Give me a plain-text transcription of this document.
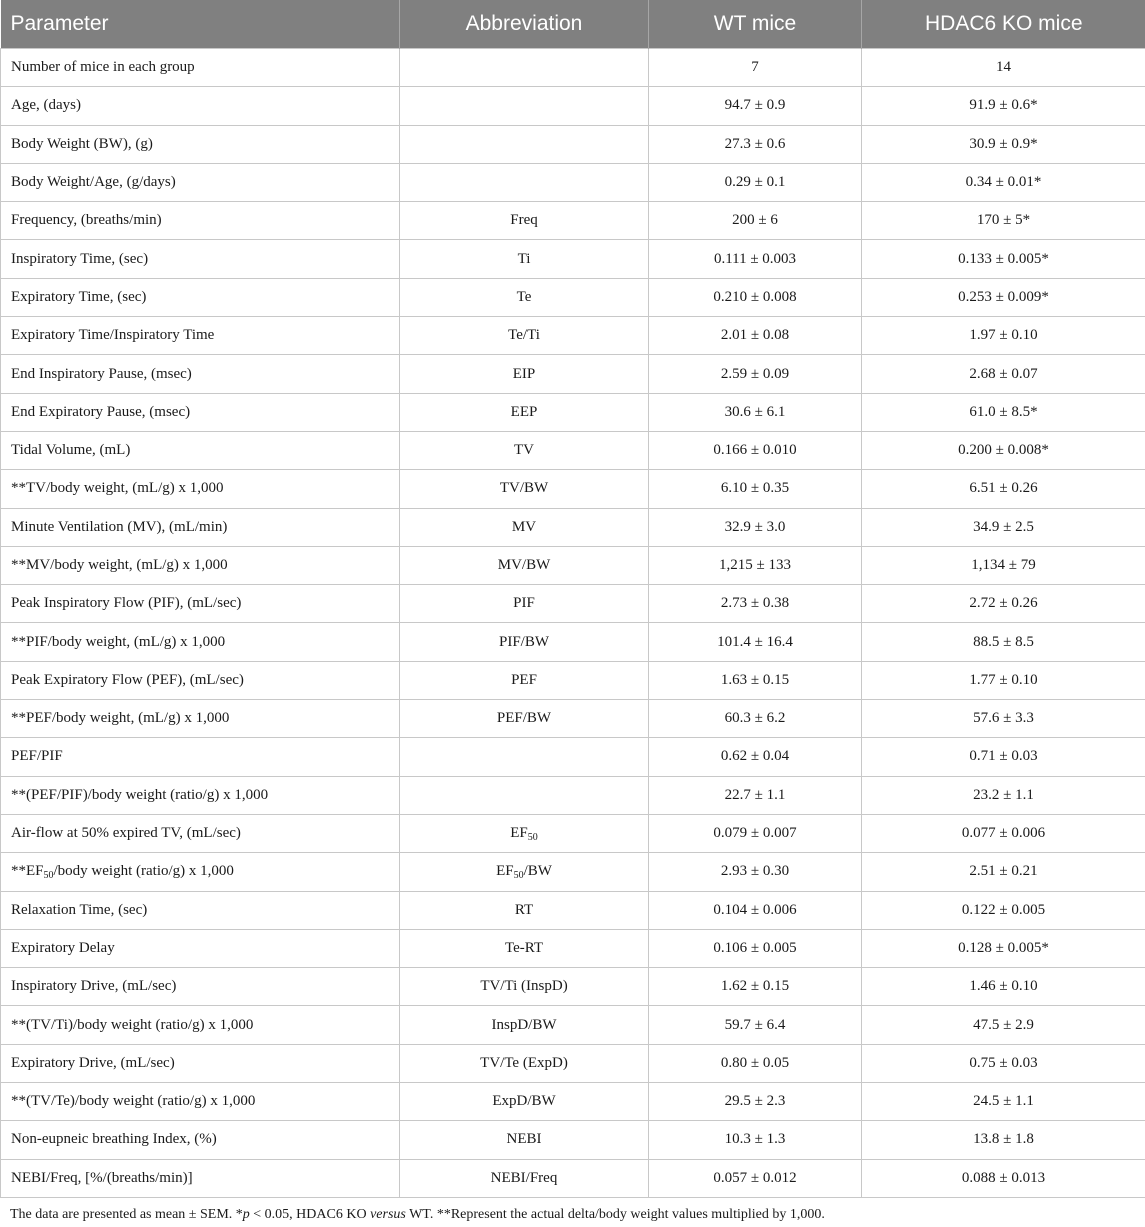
Parameter	Abbreviation	WT mice	HDAC6 KO mice
Number of mice in each group		7	14
Age, (days)		94.7 ± 0.9	91.9 ± 0.6*
Body Weight (BW), (g)		27.3 ± 0.6	30.9 ± 0.9*
Body Weight/Age, (g/days)		0.29 ± 0.1	0.34 ± 0.01*
Frequency, (breaths/min)	Freq	200 ± 6	170 ± 5*
Inspiratory Time, (sec)	Ti	0.111 ± 0.003	0.133 ± 0.005*
Expiratory Time, (sec)	Te	0.210 ± 0.008	0.253 ± 0.009*
Expiratory Time/Inspiratory Time	Te/Ti	2.01 ± 0.08	1.97 ± 0.10
End Inspiratory Pause, (msec)	EIP	2.59 ± 0.09	2.68 ± 0.07
End Expiratory Pause, (msec)	EEP	30.6 ± 6.1	61.0 ± 8.5*
Tidal Volume, (mL)	TV	0.166 ± 0.010	0.200 ± 0.008*
**TV/body weight, (mL/g) x 1,000	TV/BW	6.10 ± 0.35	6.51 ± 0.26
Minute Ventilation (MV), (mL/min)	MV	32.9 ± 3.0	34.9 ± 2.5
**MV/body weight, (mL/g) x 1,000	MV/BW	1,215 ± 133	1,134 ± 79
Peak Inspiratory Flow (PIF), (mL/sec)	PIF	2.73 ± 0.38	2.72 ± 0.26
**PIF/body weight, (mL/g) x 1,000	PIF/BW	101.4 ± 16.4	88.5 ± 8.5
Peak Expiratory Flow (PEF), (mL/sec)	PEF	1.63 ± 0.15	1.77 ± 0.10
**PEF/body weight, (mL/g) x 1,000	PEF/BW	60.3 ± 6.2	57.6 ± 3.3
PEF/PIF		0.62 ± 0.04	0.71 ± 0.03
**(PEF/PIF)/body weight (ratio/g) x 1,000		22.7 ± 1.1	23.2 ± 1.1
Air-flow at 50% expired TV, (mL/sec)	$EF_{50}$	0.079 ± 0.007	0.077 ± 0.006
$**EF_{50}$/body weight (ratio/g) x 1,000	$EF_{50}/BW$	2.93 ± 0.30	2.51 ± 0.21
Relaxation Time, (sec)	RT	0.104 ± 0.006	0.122 ± 0.005
Expiratory Delay	Te-RT	0.106 ± 0.005	0.128 ± 0.005*
Inspiratory Drive, (mL/sec)	TV/Ti (InspD)	1.62 ± 0.15	1.46 ± 0.10
**(TV/Ti)/body weight (ratio/g) x 1,000	InspD/BW	59.7 ± 6.4	47.5 ± 2.9
Expiratory Drive, (mL/sec)	TV/Te (ExpD)	0.80 ± 0.05	0.75 ± 0.03
**(TV/Te)/body weight (ratio/g) x 1,000	ExpD/BW	29.5 ± 2.3	24.5 ± 1.1
Non-eupneic breathing Index, (%)	NEBI	10.3 ± 1.3	13.8 ± 1.8
NEBI/Freq, [%/(breaths/min)]	NEBI/Freq	0.057 ± 0.012	0.088 ± 0.013
The data are presented as mean ± SEM. *p < 0.05, HDAC6 KO versus WT. **Represent the actual delta/body weight values multiplied by 1,000.
